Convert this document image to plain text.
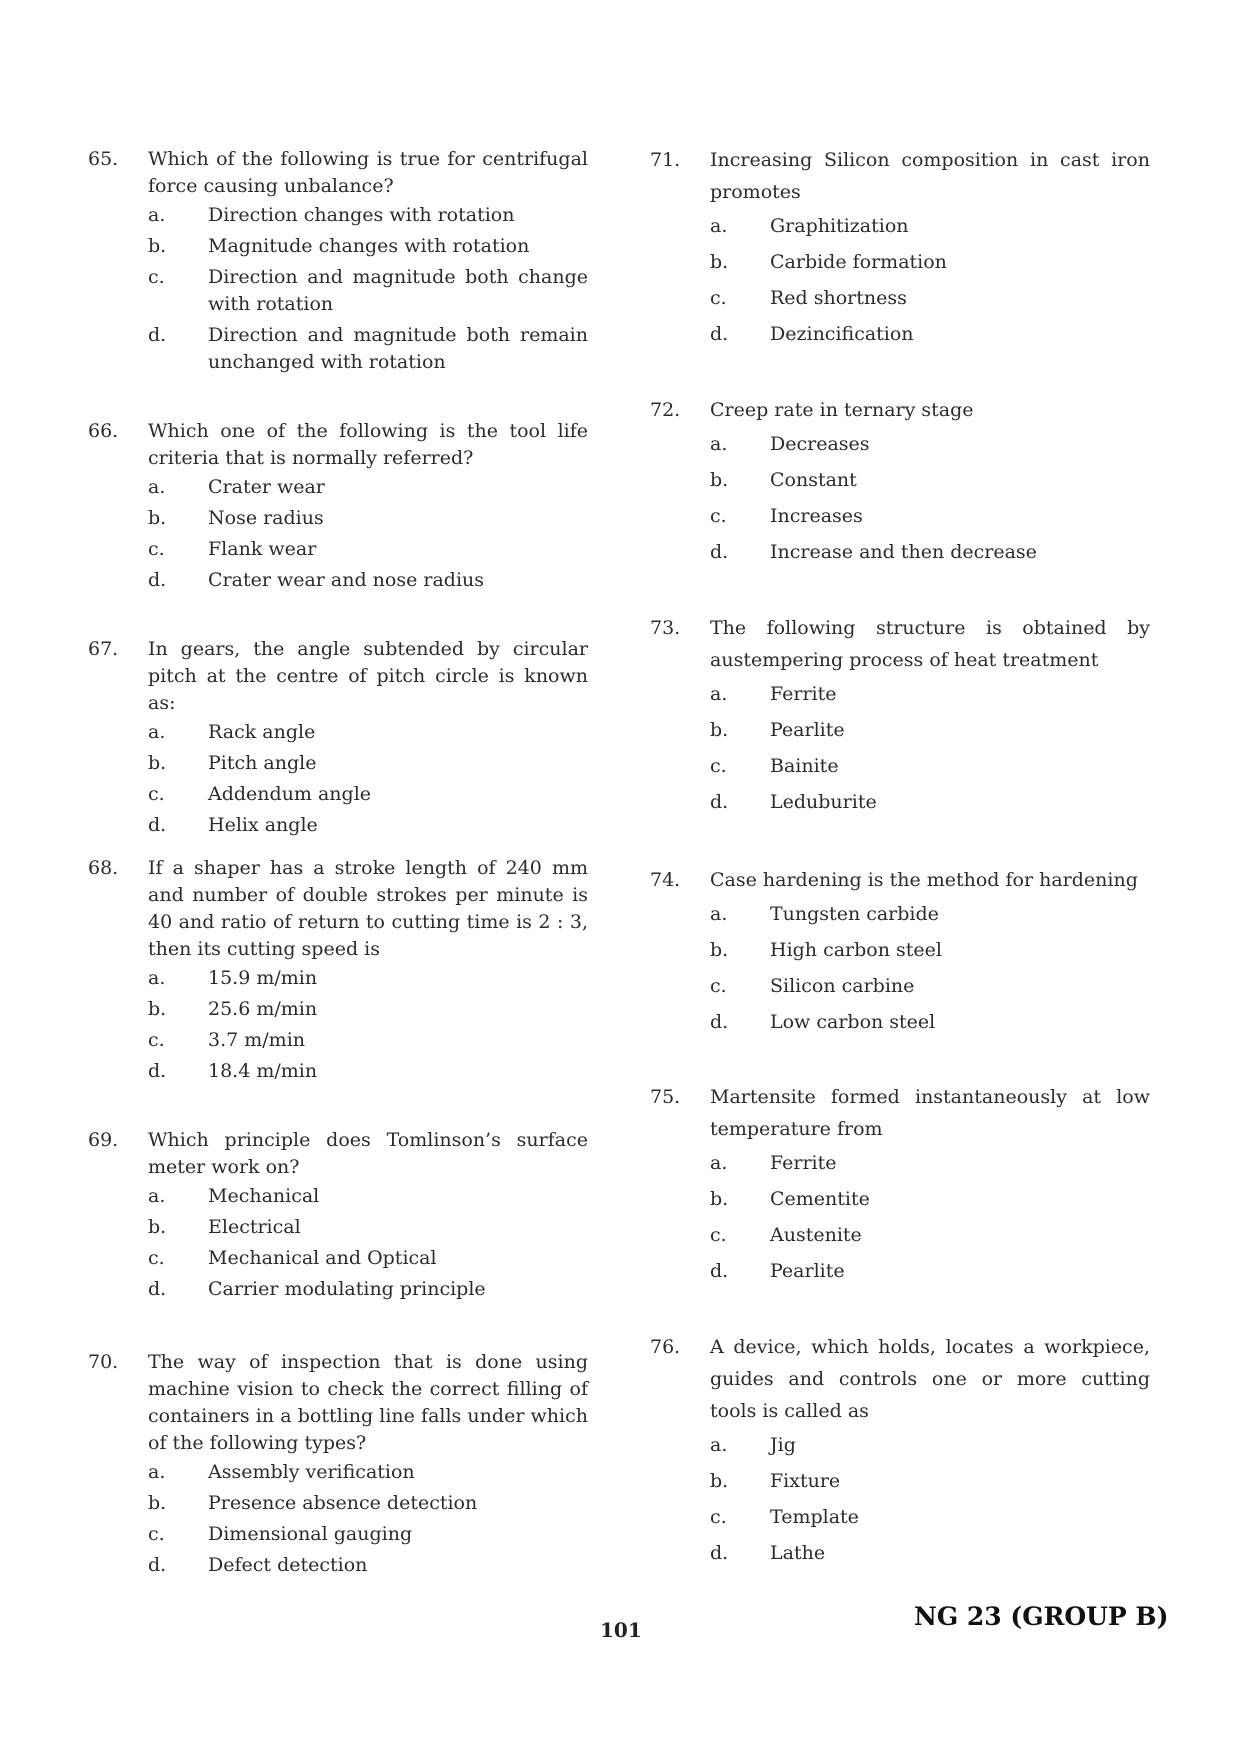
65. Which of the following is true for centrifugal force causing unbalance?
a. Direction changes with rotation
b. Magnitude changes with rotation
c. Direction and magnitude both change with rotation
d. Direction and magnitude both remain unchanged with rotation
66. Which one of the following is the tool life criteria that is normally referred?
a. Crater wear
b. Nose radius
c. Flank wear
d. Crater wear and nose radius
67. In gears, the angle subtended by circular pitch at the centre of pitch circle is known as:
a. Rack angle
b. Pitch angle
c. Addendum angle
d. Helix angle
68. If a shaper has a stroke length of 240 mm and number of double strokes per minute is 40 and ratio of return to cutting time is 2 : 3, then its cutting speed is
a. 15.9 m/min
b. 25.6 m/min
c. 3.7 m/min
d. 18.4 m/min
69. Which principle does Tomlinson’s surface meter work on?
a. Mechanical
b. Electrical
c. Mechanical and Optical
d. Carrier modulating principle
70. The way of inspection that is done using machine vision to check the correct filling of containers in a bottling line falls under which of the following types?
a. Assembly verification
b. Presence absence detection
c. Dimensional gauging
d. Defect detection
71. Increasing Silicon composition in cast iron promotes
a. Graphitization
b. Carbide formation
c. Red shortness
d. Dezincification
72. Creep rate in ternary stage
a. Decreases
b. Constant
c. Increases
d. Increase and then decrease
73. The following structure is obtained by austempering process of heat treatment
a. Ferrite
b. Pearlite
c. Bainite
d. Leduburite
74. Case hardening is the method for hardening
a. Tungsten carbide
b. High carbon steel
c. Silicon carbine
d. Low carbon steel
75. Martensite formed instantaneously at low temperature from
a. Ferrite
b. Cementite
c. Austenite
d. Pearlite
76. A device, which holds, locates a workpiece, guides and controls one or more cutting tools is called as
a. Jig
b. Fixture
c. Template
d. Lathe
101	NG 23 (GROUP B)
